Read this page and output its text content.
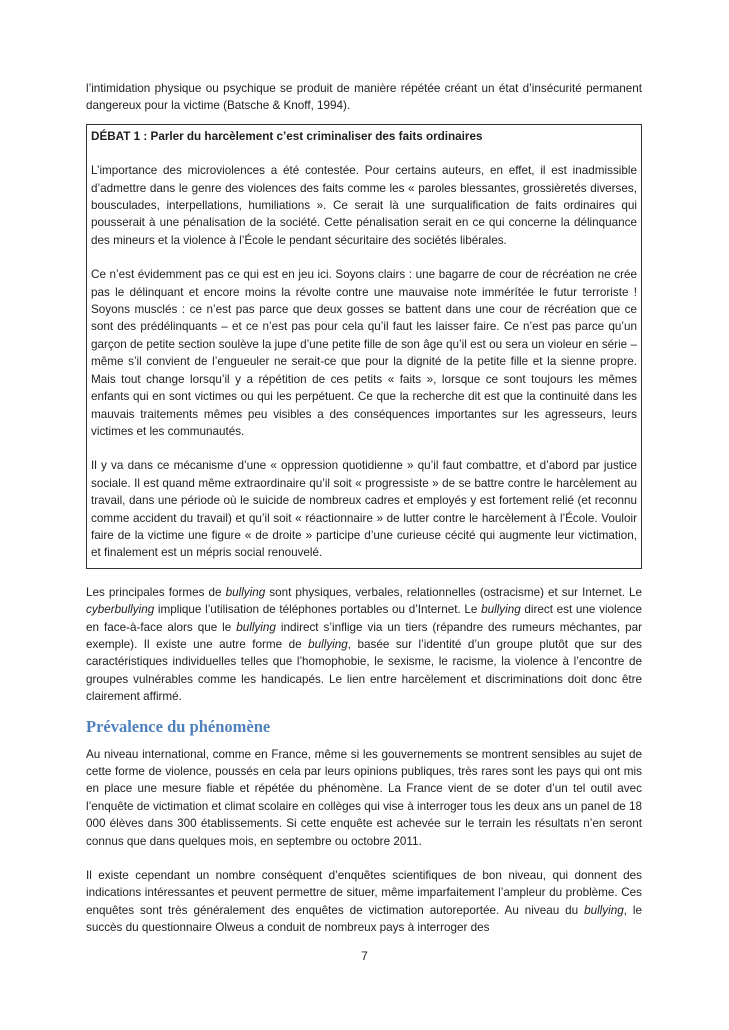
l’intimidation physique ou psychique se produit de manière répétée créant un état d’insécurité permanent dangereux pour la victime (Batsche & Knoff, 1994).

DÉBAT 1 : Parler du harcèlement c’est criminaliser des faits ordinaires

L’importance des microviolences a été contestée. Pour certains auteurs, en effet, il est inadmissible d’admettre dans le genre des violences des faits comme les « paroles blessantes, grossièretés diverses, bousculades, interpellations, humiliations ». Ce serait là une surqualification de faits ordinaires qui pousserait à une pénalisation de la société. Cette pénalisation serait en ce qui concerne la délinquance des mineurs et la violence à l’École le pendant sécuritaire des sociétés libérales.

Ce n’est évidemment pas ce qui est en jeu ici. Soyons clairs : une bagarre de cour de récréation ne crée pas le délinquant et encore moins la révolte contre une mauvaise note immérítée le futur terroriste ! Soyons musclés : ce n’est pas parce que deux gosses se battent dans une cour de récréation que ce sont des prédélinquants – et ce n’est pas pour cela qu’il faut les laisser faire. Ce n’est pas parce qu’un garçon de petite section soulève la jupe d’une petite fille de son âge qu’il est ou sera un violeur en série – même s’il convient de l’engueuler ne serait-ce que pour la dignité de la petite fille et la sienne propre. Mais tout change lorsqu’il y a répétition de ces petits « faits », lorsque ce sont toujours les mêmes enfants qui en sont victimes ou qui les perpétuent. Ce que la recherche dit est que la continuité dans les mauvais traitements mêmes peu visibles a des conséquences importantes sur les agresseurs, leurs victimes et les communautés.

Il y va dans ce mécanisme d’une « oppression quotidienne » qu’il faut combattre, et d’abord par justice sociale. Il est quand même extraordinaire qu’il soit « progressiste » de se battre contre le harcèlement au travail, dans une période où le suicide de nombreux cadres et employés y est fortement relié (et reconnu comme accident du travail) et qu’il soit « réactionnaire » de lutter contre le harcèlement à l’École. Vouloir faire de la victime une figure « de droite » participe d’une curieuse cécité qui augmente leur victimation, et finalement est un mépris social renouvelé.

Les principales formes de bullying sont physiques, verbales, relationnelles (ostracisme) et sur Internet. Le cyberbullying implique l’utilisation de téléphones portables ou d’Internet. Le bullying direct est une violence en face-à-face alors que le bullying indirect s’inflige via un tiers (répandre des rumeurs méchantes, par exemple). Il existe une autre forme de bullying, basée sur l’identité d’un groupe plutôt que sur des caractéristiques individuelles telles que l’homophobie, le sexisme, le racisme, la violence à l’encontre de groupes vulnérables comme les handicapés. Le lien entre harcèlement et discriminations doit donc être clairement affirmé.

Prévalence du phénomène

Au niveau international, comme en France, même si les gouvernements se montrent sensibles au sujet de cette forme de violence, poussés en cela par leurs opinions publiques, très rares sont les pays qui ont mis en place une mesure fiable et répétée du phénomène. La France vient de se doter d’un tel outil avec l’enquête de victimation et climat scolaire en collèges qui vise à interroger tous les deux ans un panel de 18 000 élèves dans 300 établissements. Si cette enquête est achevée sur le terrain les résultats n’en seront connus que dans quelques mois, en septembre ou octobre 2011.

Il existe cependant un nombre conséquent d’enquêtes scientifiques de bon niveau, qui donnent des indications intéressantes et peuvent permettre de situer, même imparfaitement l’ampleur du problème. Ces enquêtes sont très généralement des enquêtes de victimation autoreportée. Au niveau du bullying, le succès du questionnaire Olweus a conduit de nombreux pays à interroger des

7
